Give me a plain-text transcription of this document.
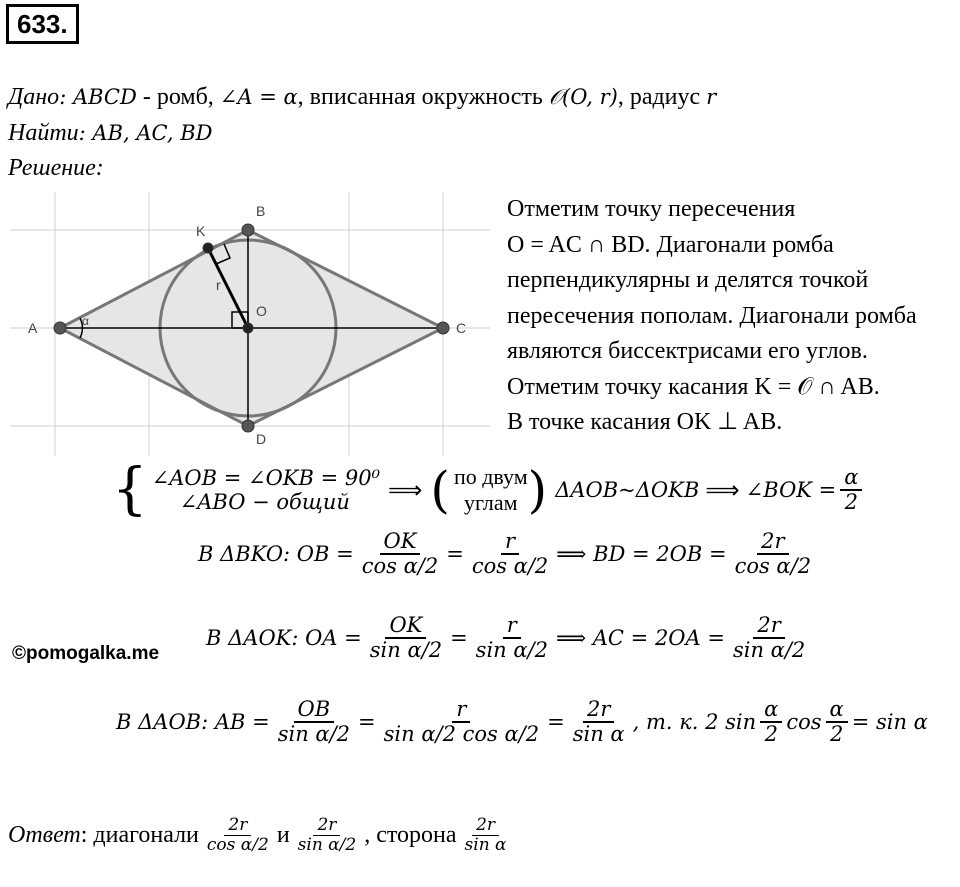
633.
Дано: ABCD - ромб, ∠A = α, вписанная окружность 𝒪(O, r), радиус r
Найти: AB, AC, BD
Решение:
A
B
C
D
O
K
r
α
Отметим точку пересечения
O = AC ∩ BD. Диагонали ромба
перпендикулярны и делятся точкой
пересечения пополам. Диагонали ромба
являются биссектрисами его углов.
Отметим точку касания K = 𝒪 ∩ AB.
В точке касания OK ⊥ AB.
{ ∠AOB = ∠OKB = 90⁰
∠ABO − общий	⟹ ( по двум
углам ) ΔAOB~ΔOKB ⟹ ∠BOK = $\frac{\alpha}{2}$
В ΔBKO: OB = $\frac{OK}{\text{cos α/2}} = \frac{r}{\text{cos α/2}}$ ⟹ BD = $2OB = \frac{2r}{\text{cos α/2}}$
©pomogalka.me
В ΔAOK: OA = $\frac{OK}{\text{sin α/2}} = \frac{r}{\text{sin α/2}}$ ⟹ AC = $2OA = \frac{2r}{\text{sin α/2}}$
В ΔAOB: AB = $\frac{OB}{\text{sin α/2}} = \frac{r}{\text{sin α/2 cos α/2}} = \frac{2r}{\text{sin α}}$ , т. к. 2 $\sin \frac{\alpha}{2}$ $\cos \frac{\alpha}{2} = \sin \alpha$
Ответ : диагонали $\frac{2r}{\text{cos α/2}}$ и $\frac{2r}{\text{sin α/2}}$ , сторона $\frac{2r}{\text{sin α}}$
